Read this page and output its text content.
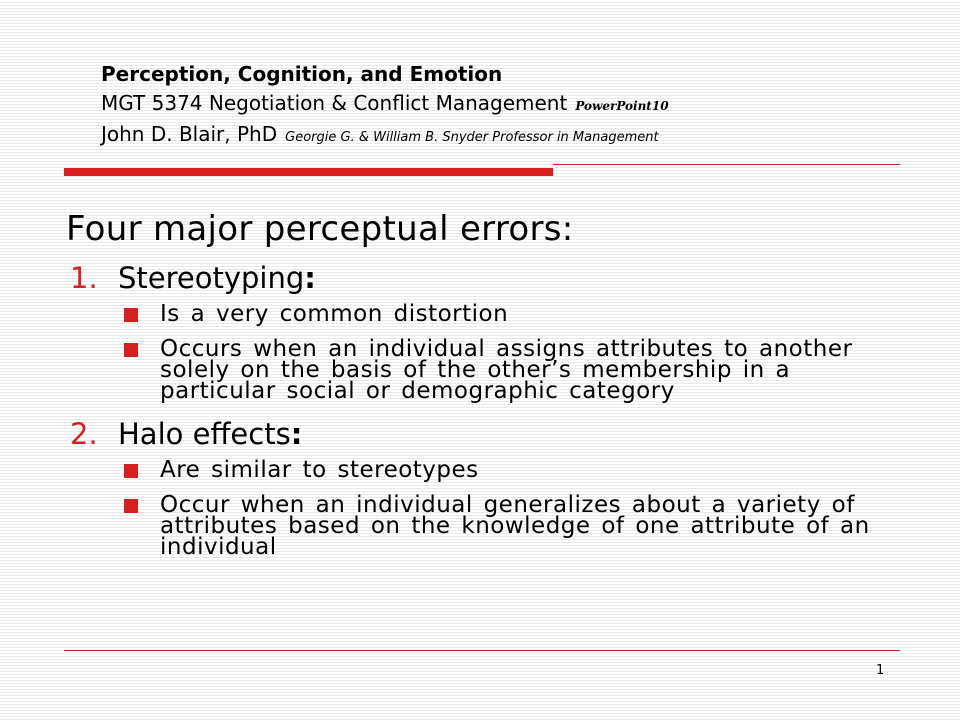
Perception, Cognition, and Emotion
MGT 5374 Negotiation & Conflict Management PowerPoint10
John D. Blair, PhD Georgie G. & William B. Snyder Professor in Management
Four major perceptual errors:
1. Stereotyping:
Is a very common distortion
Occurs when an individual assigns attributes to another solely on the basis of the other’s membership in a particular social or demographic category
2. Halo effects:
Are similar to stereotypes
Occur when an individual generalizes about a variety of attributes based on the knowledge of one attribute of an individual
1
